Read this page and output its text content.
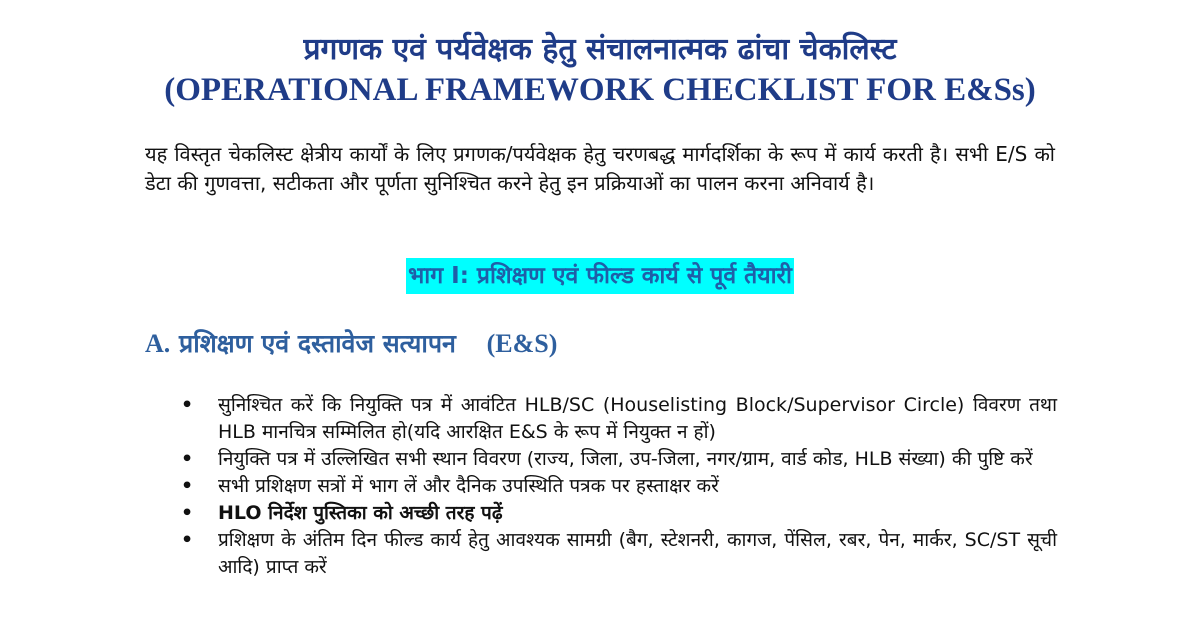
प्रगणक एवं पर्यवेक्षक हेतु संचालनात्मक ढांचा चेकलिस्ट
(OPERATIONAL FRAMEWORK CHECKLIST FOR E&Ss)

यह विस्तृत चेकलिस्ट क्षेत्रीय कार्यों के लिए प्रगणक/पर्यवेक्षक हेतु चरणबद्ध मार्गदर्शिका के रूप में कार्य करती है। सभी E/S को डेटा की गुणवत्ता, सटीकता और पूर्णता सुनिश्चित करने हेतु इन प्रक्रियाओं का पालन करना अनिवार्य है।

भाग I: प्रशिक्षण एवं फील्ड कार्य से पूर्व तैयारी
A. प्रशिक्षण एवं दस्तावेज सत्यापन (E&S)
• सुनिश्चित करें कि नियुक्ति पत्र में आवंटित HLB/SC (Houselisting Block/Supervisor Circle) विवरण तथा HLB मानचित्र सम्मिलित हो(यदि आरक्षित E&S के रूप में नियुक्त न हों)
• नियुक्ति पत्र में उल्लिखित सभी स्थान विवरण (राज्य, जिला, उप-जिला, नगर/ग्राम, वार्ड कोड, HLB संख्या) की पुष्टि करें
• सभी प्रशिक्षण सत्रों में भाग लें और दैनिक उपस्थिति पत्रक पर हस्ताक्षर करें
• HLO निर्देश पुस्तिका को अच्छी तरह पढ़ें
• प्रशिक्षण के अंतिम दिन फील्ड कार्य हेतु आवश्यक सामग्री (बैग, स्टेशनरी, कागज, पेंसिल, रबर, पेन, मार्कर, SC/ST सूची आदि) प्राप्त करें
